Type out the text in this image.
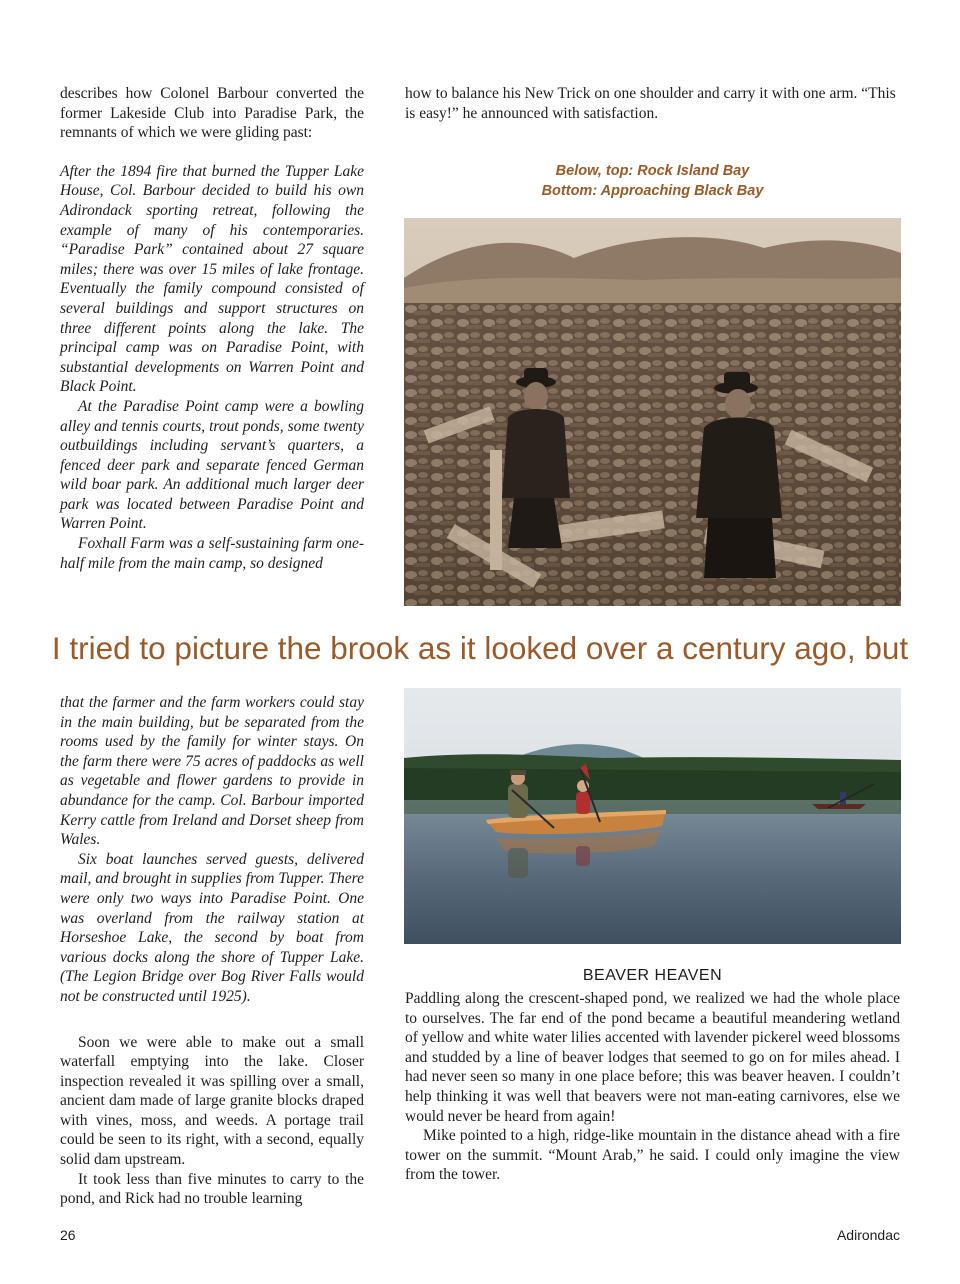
describes how Colonel Barbour converted the former Lakeside Club into Paradise Park, the remnants of which we were gliding past:

After the 1894 fire that burned the Tupper Lake House, Col. Barbour decided to build his own Adirondack sporting retreat, following the example of many of his contemporaries. “Paradise Park” contained about 27 square miles; there was over 15 miles of lake frontage. Eventually the family compound consisted of several buildings and support structures on three different points along the lake. The principal camp was on Paradise Point, with substantial developments on Warren Point and Black Point.

At the Paradise Point camp were a bowling alley and tennis courts, trout ponds, some twenty outbuildings including servant’s quarters, a fenced deer park and separate fenced German wild boar park. An additional much larger deer park was located between Paradise Point and Warren Point.

Foxhall Farm was a self-sustaining farm one-half mile from the main camp, so designed

how to balance his New Trick on one shoulder and carry it with one arm. “This is easy!” he announced with satisfaction.

Below, top: Rock Island Bay
Bottom: Approaching Black Bay
I tried to picture the brook as it looked over a century ago, but

that the farmer and the farm workers could stay in the main building, but be separated from the rooms used by the family for winter stays. On the farm there were 75 acres of paddocks as well as vegetable and flower gardens to provide in abundance for the camp. Col. Barbour imported Kerry cattle from Ireland and Dorset sheep from Wales.

Six boat launches served guests, delivered mail, and brought in supplies from Tupper. There were only two ways into Paradise Point. One was overland from the railway station at Horseshoe Lake, the second by boat from various docks along the shore of Tupper Lake. (The Legion Bridge over Bog River Falls would not be constructed until 1925).

Soon we were able to make out a small waterfall emptying into the lake. Closer inspection revealed it was spilling over a small, ancient dam made of large granite blocks draped with vines, moss, and weeds. A portage trail could be seen to its right, with a second, equally solid dam upstream.

It took less than five minutes to carry to the pond, and Rick had no trouble learning

BEAVER HEAVEN

Paddling along the crescent-shaped pond, we realized we had the whole place to ourselves. The far end of the pond became a beautiful meandering wetland of yellow and white water lilies accented with lavender pickerel weed blossoms and studded by a line of beaver lodges that seemed to go on for miles ahead. I had never seen so many in one place before; this was beaver heaven. I couldn’t help thinking it was well that beavers were not man-eating carnivores, else we would never be heard from again!

Mike pointed to a high, ridge-like mountain in the distance ahead with a fire tower on the summit. “Mount Arab,” he said. I could only imagine the view from the tower.

26	Adirondac
